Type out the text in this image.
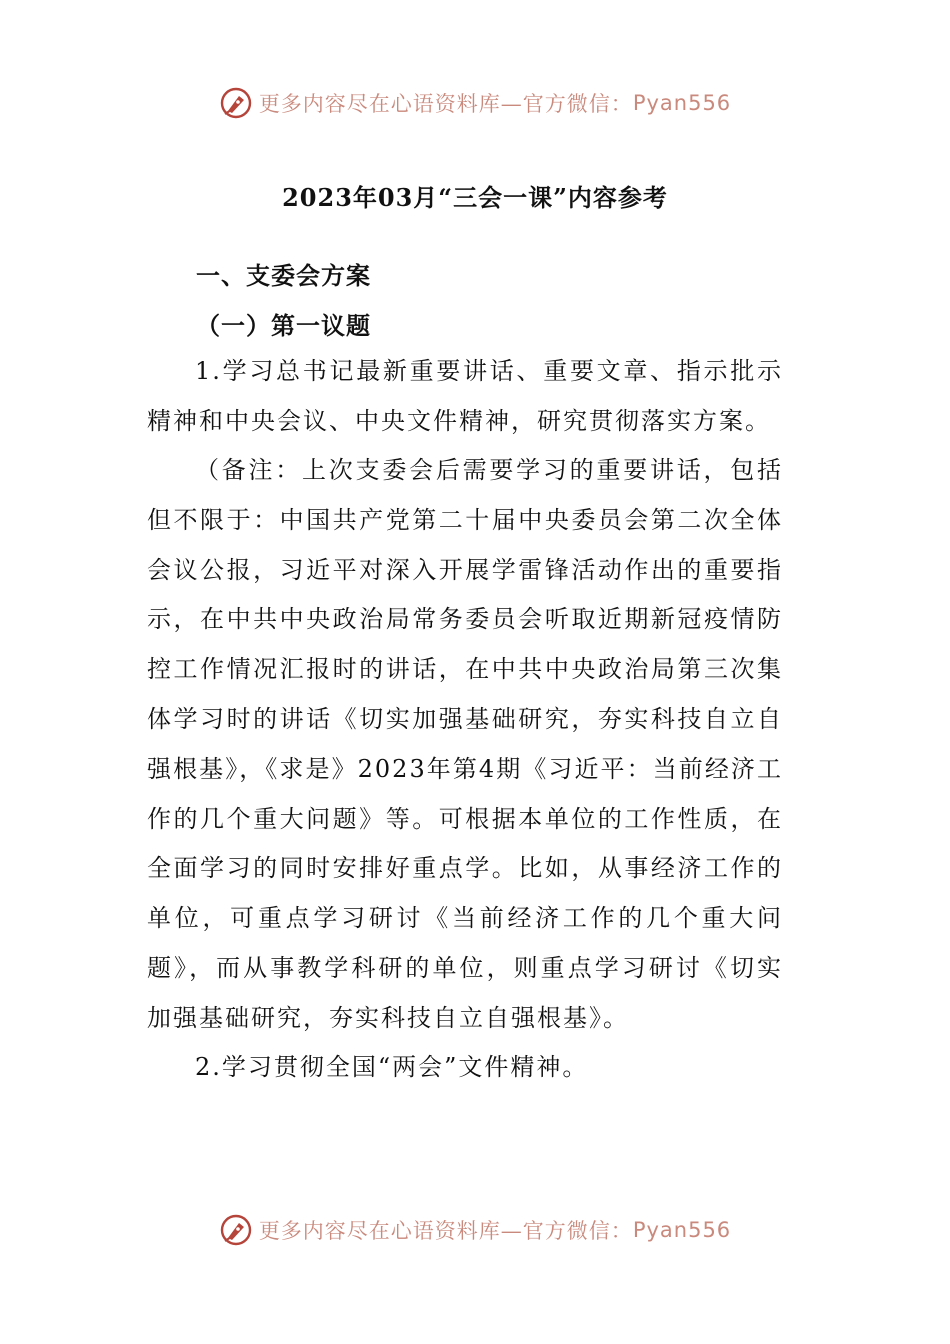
更多内容尽在心语资料库—官方微信： Pyan556
2023年03月“三会一课”内容参考
一、支委会方案
（一）第一议题

1.学习总书记最新重要讲话、重要文章、指示批示精神和中央会议、中央文件精神，研究贯彻落实方案。

（备注：上次支委会后需要学习的重要讲话，包括但不限于：中国共产党第二十届中央委员会第二次全体会议公报，习近平对深入开展学雷锋活动作出的重要指示，在中共中央政治局常务委员会听取近期新冠疫情防控工作情况汇报时的讲话，在中共中央政治局第三次集体学习时的讲话《切实加强基础研究，夯实科技自立自强根基》，《求是》2023年第4期《习近平：当前经济工作的几个重大问题》等。可根据本单位的工作性质，在全面学习的同时安排好重点学。比如，从事经济工作的单位，可重点学习研讨《当前经济工作的几个重大问题》，而从事教学科研的单位，则重点学习研讨《切实加强基础研究，夯实科技自立自强根基》。

2.学习贯彻全国“两会”文件精神。

更多内容尽在心语资料库—官方微信： Pyan556
